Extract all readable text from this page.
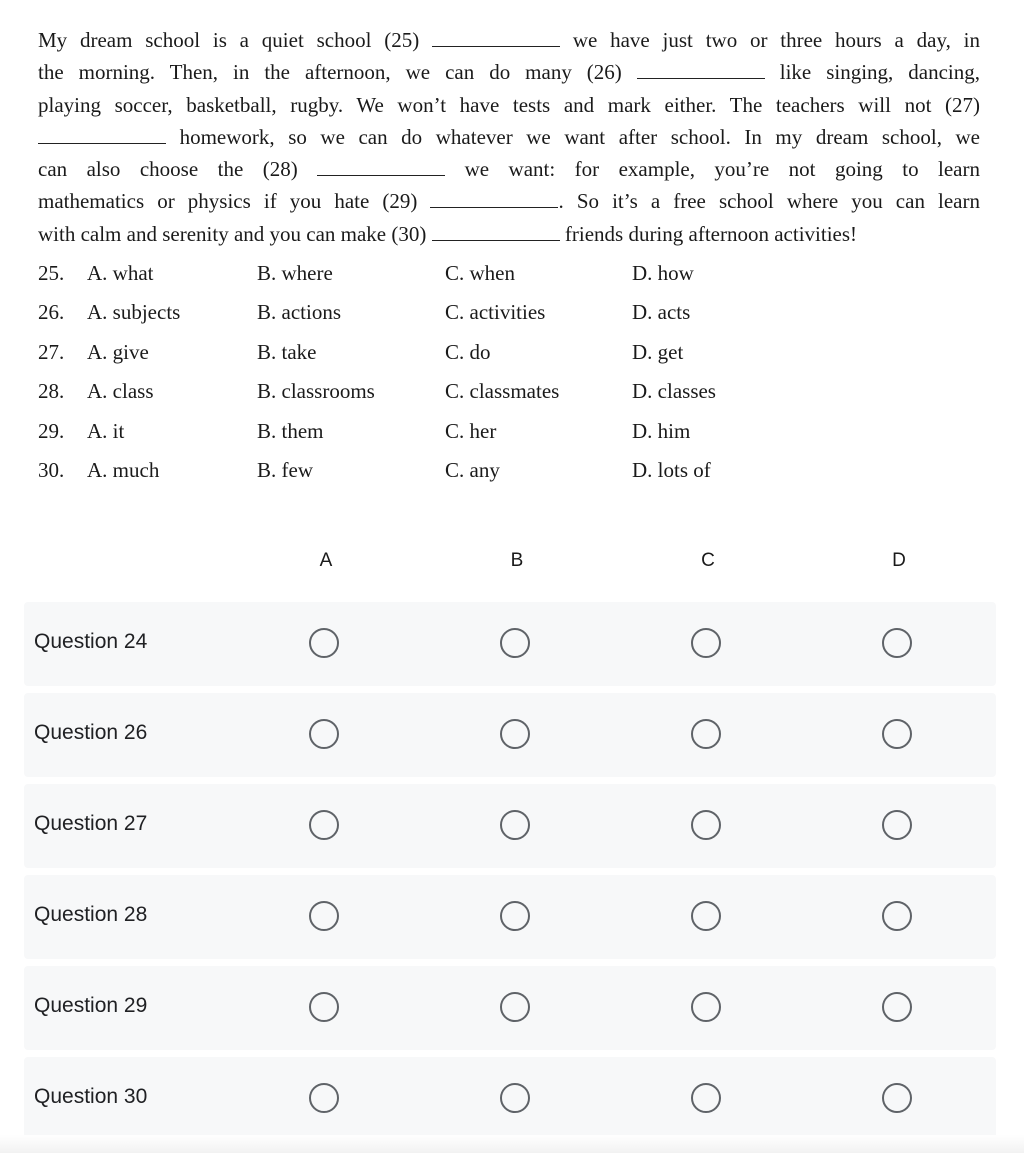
My dream school is a quiet school (25)	we have just two or three hours a day, in
the morning. Then, in the afternoon, we can do many (26)	like singing, dancing,
playing soccer, basketball, rugby. We won’t have tests and mark either. The teachers will not (27)
homework, so we can do whatever we want after school. In my dream school, we
can also choose the (28)	we want: for example, you’re not going to learn
mathematics or physics if you hate (29)	. So it’s a free school where you can learn
with calm and serenity and you can make (30)	friends during afternoon activities!
25. A. what	B. where	C. when	D. how
26. A. subjects	B. actions	C. activities	D. acts
27. A. give	B. take	C. do	D. get
28. A. class	B. classrooms	C. classmates	D. classes
29. A. it	B. them	C. her	D. him
30. A. much	B. few	C. any	D. lots of
A	B	C	D
Question 24
Question 26
Question 27
Question 28
Question 29
Question 30
